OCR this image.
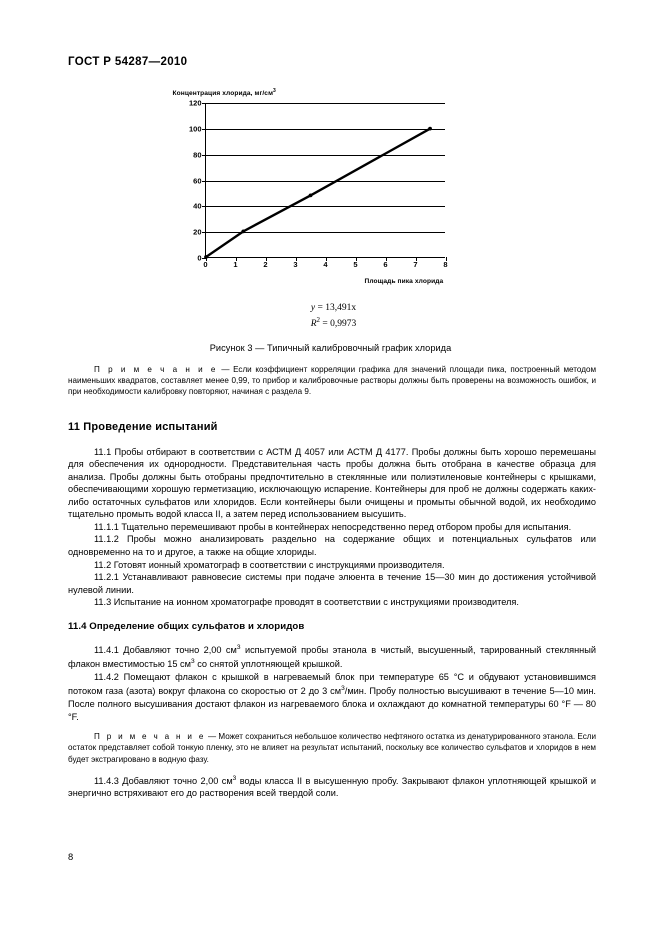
ГОСТ Р 54287—2010
Концентрация хлорида, $мг/см^3$
0
20
40
60
80
100
120
0	1	2	3	4	5	6	7	8
Площадь пика хлорида
y = 13,491x
$R^2 = 0,9973$
Рисунок 3 — Типичный калибровочный график хлорида

П р и м е ч а н и е — Если коэффициент корреляции графика для значений площади пика, построенный методом наименьших квадратов, составляет менее 0,99, то прибор и калибровочные растворы должны быть проверены на возможность ошибок, и при необходимости калибровку повторяют, начиная с раздела 9.

11 Проведение испытаний

11.1 Пробы отбирают в соответствии с АСТМ Д 4057 или АСТМ Д 4177. Пробы должны быть хорошо перемешаны для обеспечения их однородности. Представительная часть пробы должна быть отобрана в качестве образца для анализа. Пробы должны быть отобраны предпочтительно в стеклянные или полиэтиленовые контейнеры с крышками, обеспечивающими хорошую герметизацию, исключающую испарение. Контейнеры для проб не должны содержать каких-либо остаточных сульфатов или хлоридов. Если контейнеры были очищены и промыты обычной водой, их необходимо тщательно промыть водой класса II, а затем перед использованием высушить.

11.1.1 Тщательно перемешивают пробы в контейнерах непосредственно перед отбором пробы для испытания.

11.1.2 Пробы можно анализировать раздельно на содержание общих и потенциальных сульфатов или одновременно на то и другое, а также на общие хлориды.

11.2 Готовят ионный хроматограф в соответствии с инструкциями производителя.

11.2.1 Устанавливают равновесие системы при подаче элюента в течение 15—30 мин до достижения устойчивой нулевой линии.

11.3 Испытание на ионном хроматографе проводят в соответствии с инструкциями производителя.

11.4 Определение общих сульфатов и хлоридов

11.4.1 Добавляют точно 2,00 $см^3$ испытуемой пробы этанола в чистый, высушенный, тарированный стеклянный флакон вместимостью 15 $см^3$ со снятой уплотняющей крышкой.

11.4.2 Помещают флакон с крышкой в нагреваемый блок при температуре 65 °С и обдувают установившимся потоком газа (азота) вокруг флакона со скоростью от 2 до 3 $см^3$/мин. Пробу полностью высушивают в течение 5—10 мин. После полного высушивания достают флакон из нагреваемого блока и охлаждают до комнатной температуры 60 °F — 80 °F.

П р и м е ч а н и е — Может сохраниться небольшое количество нефтяного остатка из денатурированного этанола. Если остаток представляет собой тонкую пленку, это не влияет на результат испытаний, поскольку все количество сульфатов и хлоридов в нем будет экстрагировано в водную фазу.

11.4.3 Добавляют точно 2,00 $см^3$ воды класса II в высушенную пробу. Закрывают флакон уплотняющей крышкой и энергично встряхивают его до растворения всей твердой соли.

8
